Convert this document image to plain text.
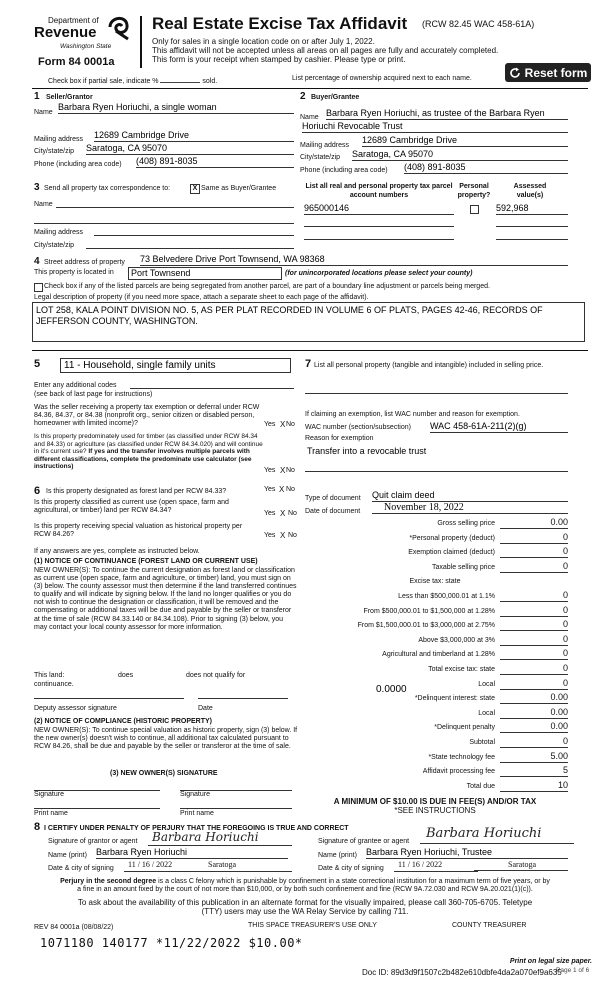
Department of
Revenue
Washington State
Form 84 0001a
Real Estate Excise Tax Affidavit (RCW 82.45 WAC 458-61A)
Only for sales in a single location code on or after July 1, 2022.
This affidavit will not be accepted unless all areas on all pages are fully and accurately completed.
This form is your receipt when stamped by cashier. Please type or print.
Check box if partial sale, indicate %	sold.	List percentage of ownership acquired next to each name.	Reset form
1 Seller/Grantor
Name
Barbara Ryen Horiuchi, a single woman
Mailing address 12689 Cambridge Drive
City/state/zip Saratoga, CA 95070
Phone (including area code) (408) 891-8035
2 Buyer/Grantee
Name Barbara Ryen Horiuchi, as trustee of the Barbara Ryen
Horiuchi Revocable Trust
Mailing address
12689 Cambridge Drive
City/state/zip Saratoga, CA 95070
Phone (including area code) (408) 891-8035
3 Send all property tax correspondence to:	X Same as Buyer/Grantee
Name
Mailing address
City/state/zip
List all real and personal property tax parcel account numbers
Personal property?
Assessed value(s)
965000146	592,968
4 Street address of property 73 Belvedere Drive Port Townsend, WA 98368
This property is located in	Port Townsend	(for unincorporated locations please select your county)
Check box if any of the listed parcels are being segregated from another parcel, are part of a boundary line adjustment or parcels being merged.
Legal description of property (if you need more space, attach a separate sheet to each page of the affidavit).
LOT 258, KALA POINT DIVISION NO. 5, AS PER PLAT RECORDED IN VOLUME 6 OF PLATS, PAGES 42-46, RECORDS OF JEFFERSON COUNTY, WASHINGTON.
5	11 - Household, single family units
Enter any additional codes
(see back of last page for instructions)
Was the seller receiving a property tax exemption or deferral under RCW 84.36, 84.37, or 84.38 (nonprofit org., senior citizen or disabled person, homeowner with limited income)?	Yes X No
Is this property predominately used for timber (as classified under RCW 84.34 and 84.33) or agriculture (as classified under RCW 84.34.020) and will continue in it's current use? If yes and the transfer involves multiple parcels with different classifications, complete the predominate use calculator (see instructions)
Yes X No
6 Is this property designated as forest land per RCW 84.33?	Yes X No
Is this property classified as current use (open space, farm and agricultural, or timber) land per RCW 84.34?	Yes X No
Is this property receiving special valuation as historical property per RCW 84.26?	Yes X No
If any answers are yes, complete as instructed below.
(1) NOTICE OF CONTINUANCE (FOREST LAND OR CURRENT USE)
NEW OWNER(S): To continue the current designation as forest land or classification as current use (open space, farm and agriculture, or timber) land, you must sign on (3) below. The county assessor must then determine if the land transferred continues to qualify and will indicate by signing below. If the land no longer qualifies or you do not wish to continue the designation or classification, it will be removed and the compensating or additional taxes will be due and payable by the seller or transferor at the time of sale (RCW 84.33.140 or 84.34.108). Prior to signing (3) below, you may contact your local county assessor for more information.
This land:	does	does not qualify for
continuance.
Deputy assessor signature	Date
(2) NOTICE OF COMPLIANCE (HISTORIC PROPERTY)
NEW OWNER(S): To continue special valuation as historic property, sign (3) below. If the new owner(s) doesn't wish to continue, all additional tax calculated pursuant to RCW 84.26, shall be due and payable by the seller or transferor at the time of sale.
(3) NEW OWNER(S) SIGNATURE
Signature	Signature
Print name	Print name
7 List all personal property (tangible and intangible) included in selling price.
If claiming an exemption, list WAC number and reason for exemption.
WAC number (section/subsection) WAC 458-61A-211(2)(g)
Reason for exemption
Transfer into a revocable trust
Type of document Quit claim deed
Date of document	November 18, 2022
Gross selling price	0.00
*Personal property (deduct)	0
Exemption claimed (deduct)	0
Taxable selling price	0
Excise tax: state
Less than $500,000.01 at 1.1%	0
From $500,000.01 to $1,500,000 at 1.28%	0
From $1,500,000.01 to $3,000,000 at 2.75%	0
Above $3,000,000 at 3%	0
Agricultural and timberland at 1.28%	0
Total excise tax: state	0
Local	0
*Delinquent interest: state	0.00
Local	0.00
*Delinquent penalty	0.00
Subtotal	0
*State technology fee	5.00
Affidavit processing fee	5
Total due	10
0.0000
A MINIMUM OF $10.00 IS DUE IN FEE(S) AND/OR TAX
*SEE INSTRUCTIONS
8 I CERTIFY UNDER PENALTY OF PERJURY THAT THE FOREGOING IS TRUE AND CORRECT
Signature of grantor or agent	Barbara Horiuchi
Name (print) Barbara Ryen Horiuchi
Date & city of signing	11 / 16 / 2022	Saratoga
Signature of grantee or agent
Barbara Horiuchi
Name (print) Barbara Ryen Horiuchi, Trustee
Date & city of signing	11 / 16 / 2022	Saratoga
Perjury in the second degree is a class C felony which is punishable by confinement in a state correctional institution for a maximum term of five years, or by
a fine in an amount fixed by the court of not more than $10,000, or by both such confinement and fine (RCW 9A.72.030 and RCW 9A.20.021(1)(c)).
To ask about the availability of this publication in an alternate format for the visually impaired, please call 360-705-6705. Teletype
(TTY) users may use the WA Relay Service by calling 711.
REV 84 0001a (08/08/22)	THIS SPACE TREASURER'S USE ONLY	COUNTY TREASURER
1071180 140177 *11/22/2022 $10.00*
Print on legal size paper.
Doc ID: 89d3d9f1507c2b482e610dbfe4da2a070ef9a635
Page 1 of 6
